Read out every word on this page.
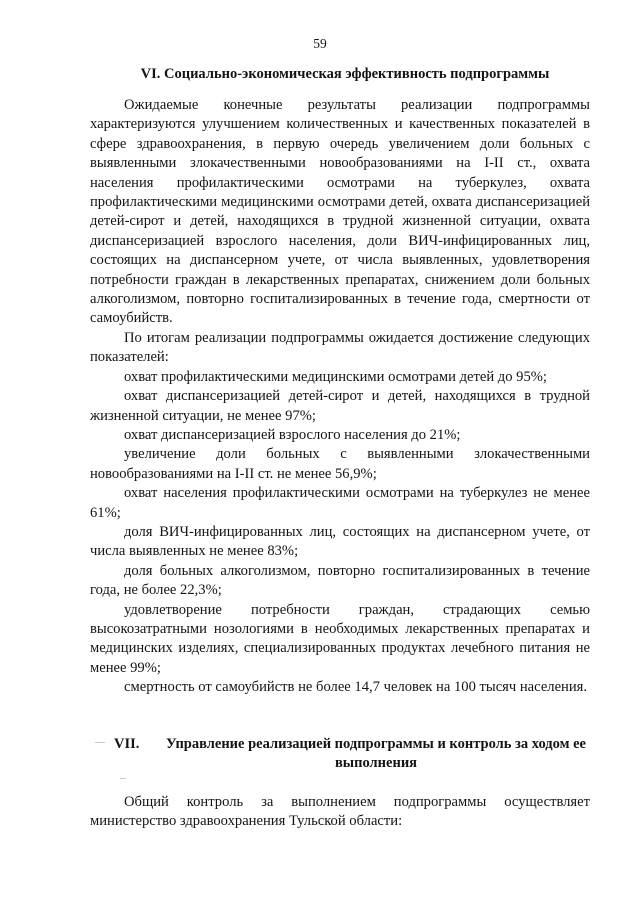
59
VI. Социально-экономическая эффективность подпрограммы

Ожидаемые конечные результаты реализации подпрограммы характеризуются улучшением количественных и качественных показателей в сфере здравоохранения, в первую очередь увеличением доли больных с выявленными злокачественными новообразованиями на I-II ст., охвата населения профилактическими осмотрами на туберкулез, охвата профилактическими медицинскими осмотрами детей, охвата диспансеризацией детей-сирот и детей, находящихся в трудной жизненной ситуации, охвата диспансеризацией взрослого населения, доли ВИЧ-инфицированных лиц, состоящих на диспансерном учете, от числа выявленных, удовлетворения потребности граждан в лекарственных препаратах, снижением доли больных алкоголизмом, повторно госпитализированных в течение года, смертности от самоубийств.

По итогам реализации подпрограммы ожидается достижение следующих показателей:

охват профилактическими медицинскими осмотрами детей до 95%;

охват диспансеризацией детей-сирот и детей, находящихся в трудной жизненной ситуации, не менее 97%;

охват диспансеризацией взрослого населения до 21%;

увеличение доли больных с выявленными злокачественными новообразованиями на I-II ст. не менее 56,9%;

охват населения профилактическими осмотрами на туберкулез не менее 61%;

доля ВИЧ-инфицированных лиц, состоящих на диспансерном учете, от числа выявленных не менее 83%;

доля больных алкоголизмом, повторно госпитализированных в течение года, не более 22,3%;

удовлетворение потребности граждан, страдающих семью высокозатратными нозологиями в необходимых лекарственных препаратах и медицинских изделиях, специализированных продуктах лечебного питания не менее 99%;

смертность от самоубийств не более 14,7 человек на 100 тысяч населения.

VII. Управление реализацией подпрограммы и контроль за ходом ее выполнения

Общий контроль за выполнением подпрограммы осуществляет министерство здравоохранения Тульской области:
